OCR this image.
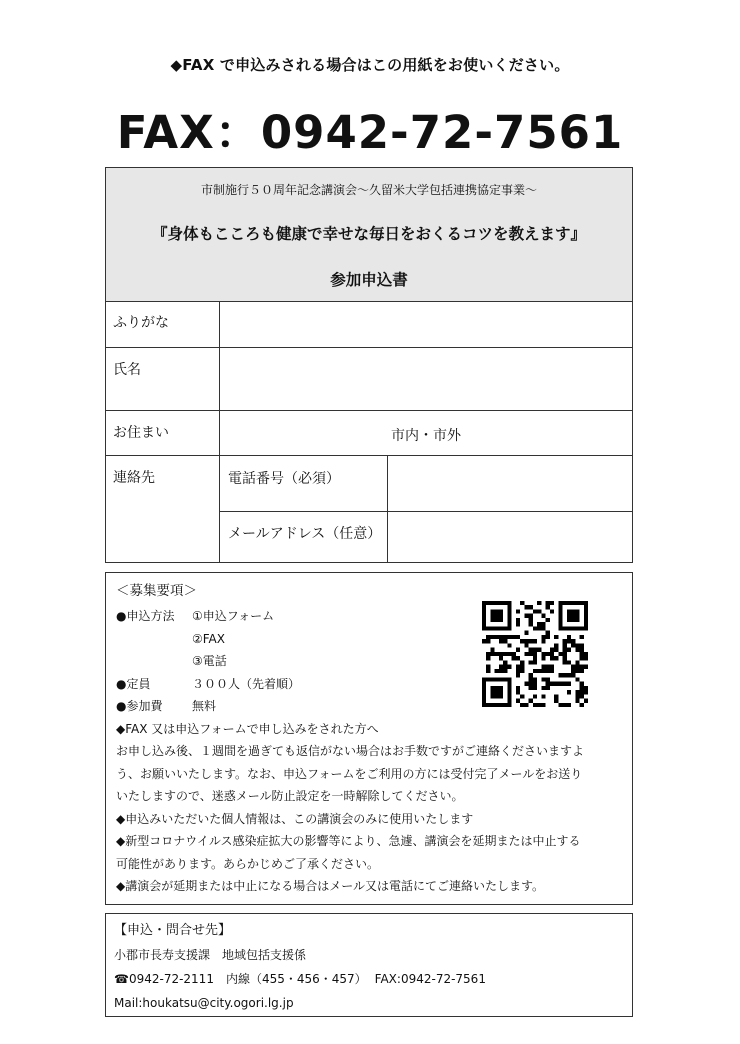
◆FAX で申込みされる場合はこの用紙をお使いください。
FAX：0942-72-7561
市制施行５０周年記念講演会～久留米大学包括連携協定事業～
『身体もこころも健康で幸せな毎日をおくるコツを教えます』
参加申込書
ふりがな
氏名
お住まい	市内・市外
連絡先	電話番号（必須）
メールアドレス（任意）
＜募集要項＞
●申込方法 ①申込フォーム
②FAX
③電話
●定員	３００人（先着順）
●参加費 無料
◆FAX 又は申込フォームで申し込みをされた方へ
お申し込み後、１週間を過ぎても返信がない場合はお手数ですがご連絡くださいますよ
う、お願いいたします。なお、申込フォームをご利用の方には受付完了メールをお送り
いたしますので、迷惑メール防止設定を一時解除してください。
◆申込みいただいた個人情報は、この講演会のみに使用いたします
◆新型コロナウイルス感染症拡大の影響等により、急遽、講演会を延期または中止する
可能性があります。あらかじめご了承ください。
◆講演会が延期または中止になる場合はメール又は電話にてご連絡いたします。
【申込・問合せ先】
小郡市長寿支援課　地域包括支援係
☎0942-72-2111　内線（455・456・457） FAX:0942-72-7561
Mail:houkatsu@city.ogori.lg.jp
